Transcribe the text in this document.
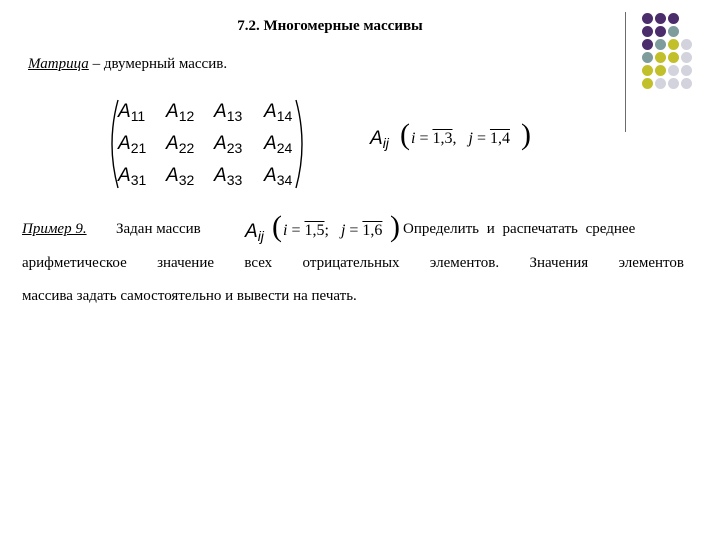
7.2. Многомерные массивы
Матрица – двумерный массив.
$A_{11}$ $A_{12}$ $A_{13}$ $A_{14}$
$A_{21}$ $A_{22}$ $A_{23}$ $A_{24}$
$A_{31}$ $A_{32}$ $A_{33}$ $A_{34}$
$A_{ij}$ ( i = 1,3, j = 1,4 )
Пример 9. Задан массив $A_{ij}$ ( i = 1,5; j = 1,6 ) Определить и распечатать среднее
арифметическое значение всех отрицательных элементов. Значения элементов
массива задать самостоятельно и вывести на печать.
